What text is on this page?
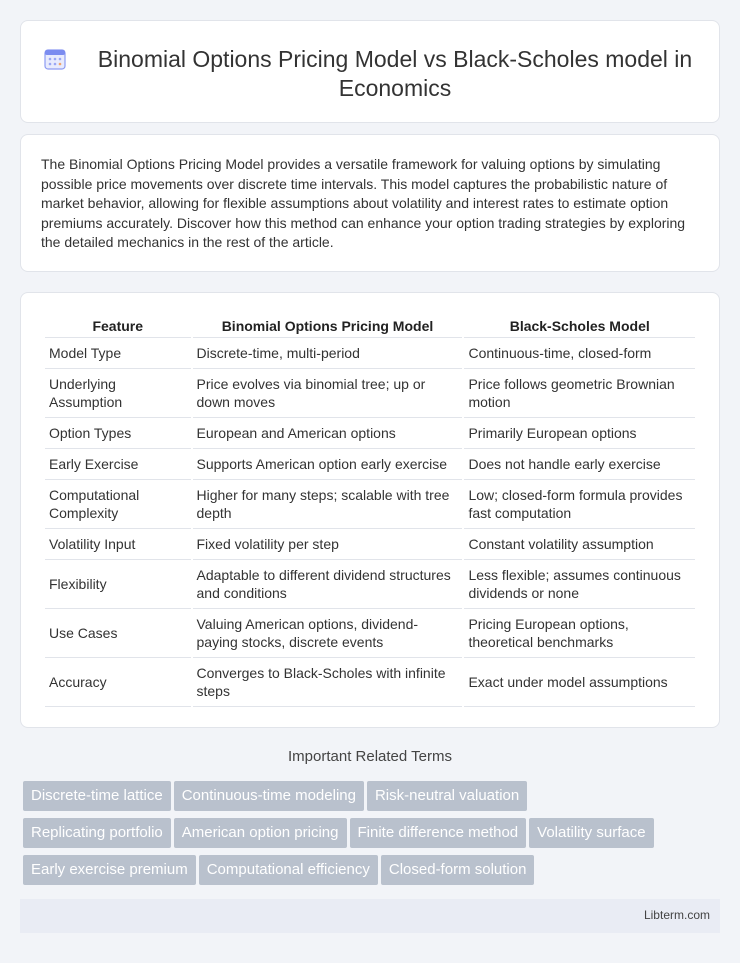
Binomial Options Pricing Model vs Black-Scholes model in Economics

The Binomial Options Pricing Model provides a versatile framework for valuing options by simulating possible price movements over discrete time intervals. This model captures the probabilistic nature of market behavior, allowing for flexible assumptions about volatility and interest rates to estimate option premiums accurately. Discover how this method can enhance your option trading strategies by exploring the detailed mechanics in the rest of the article.

Feature	Binomial Options Pricing Model	Black-Scholes Model
Model Type	Discrete-time, multi-period	Continuous-time, closed-form
Underlying Assumption	Price evolves via binomial tree; up or down moves	Price follows geometric Brownian motion
Option Types	European and American options	Primarily European options
Early Exercise	Supports American option early exercise	Does not handle early exercise
Computational Complexity	Higher for many steps; scalable with tree depth	Low; closed-form formula provides fast computation
Volatility Input	Fixed volatility per step	Constant volatility assumption
Flexibility	Adaptable to different dividend structures and conditions	Less flexible; assumes continuous dividends or none
Use Cases	Valuing American options, dividend-paying stocks, discrete events	Pricing European options, theoretical benchmarks
Accuracy	Converges to Black-Scholes with infinite steps	Exact under model assumptions
Important Related Terms
Discrete-time lattice Continuous-time modeling Risk-neutral valuation
Replicating portfolio American option pricing Finite difference method Volatility surface
Early exercise premium Computational efficiency Closed-form solution
Libterm.com
